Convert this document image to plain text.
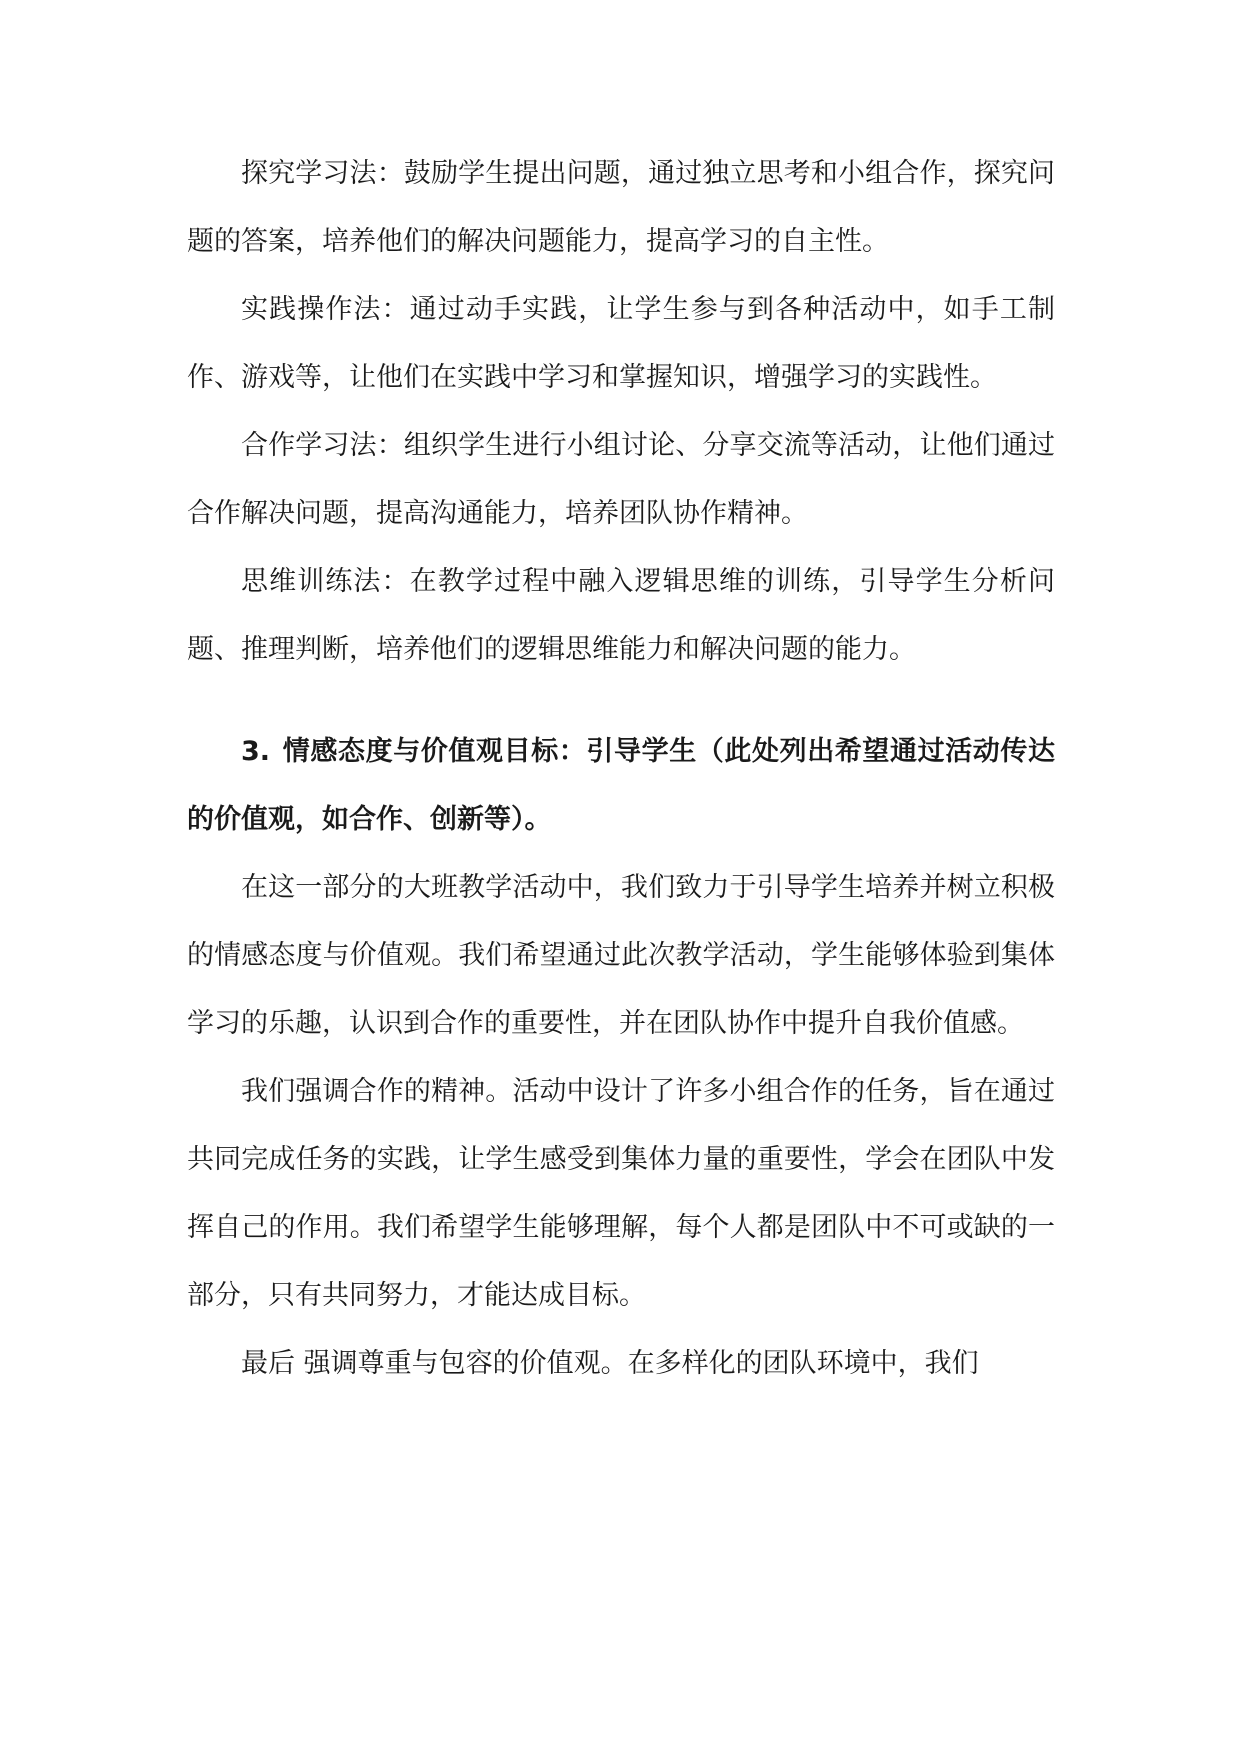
探究学习法：鼓励学生提出问题，通过独立思考和小组合作，探究问题的答案，培养他们的解决问题能力，提高学习的自主性。

实践操作法：通过动手实践，让学生参与到各种活动中，如手工制作、游戏等，让他们在实践中学习和掌握知识，增强学习的实践性。

合作学习法：组织学生进行小组讨论、分享交流等活动，让他们通过合作解决问题，提高沟通能力，培养团队协作精神。

思维训练法：在教学过程中融入逻辑思维的训练，引导学生分析问题、推理判断，培养他们的逻辑思维能力和解决问题的能力。

3. 情感态度与价值观目标：引导学生（此处列出希望通过活动传达的价值观，如合作、创新等）。

在这一部分的大班教学活动中，我们致力于引导学生培养并树立积极的情感态度与价值观。我们希望通过此次教学活动，学生能够体验到集体学习的乐趣，认识到合作的重要性，并在团队协作中提升自我价值感。

我们强调合作的精神。活动中设计了许多小组合作的任务，旨在通过共同完成任务的实践，让学生感受到集体力量的重要性，学会在团队中发挥自己的作用。我们希望学生能够理解，每个人都是团队中不可或缺的一部分，只有共同努力，才能达成目标。

最后 强调尊重与包容的价值观。在多样化的团队环境中，我们
